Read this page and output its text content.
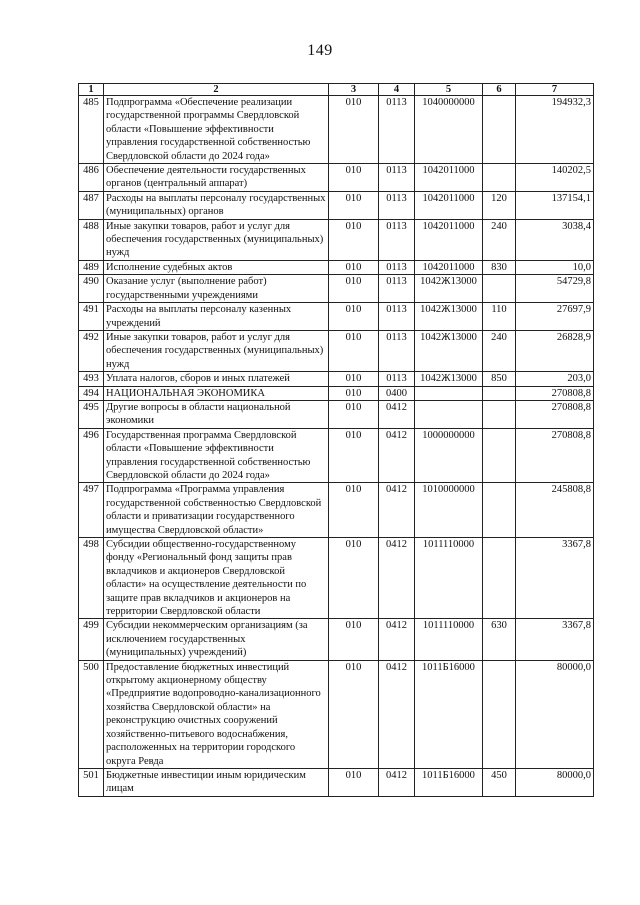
149
1	2	3	4	5	6	7
485	Подпрограмма «Обеспечение реализации государственной программы Свердловской области «Повышение эффективности управления государственной собственностью Свердловской области до 2024 года»	010	0113	1040000000		194932,3
486	Обеспечение деятельности государственных органов (центральный аппарат)	010	0113	1042011000		140202,5
487	Расходы на выплаты персоналу государственных (муниципальных) органов	010	0113	1042011000	120	137154,1
488	Иные закупки товаров, работ и услуг для обеспечения государственных (муниципальных) нужд	010	0113	1042011000	240	3038,4
489	Исполнение судебных актов	010	0113	1042011000	830	10,0
490	Оказание услуг (выполнение работ) государственными учреждениями	010	0113	1042Ж13000		54729,8
491	Расходы на выплаты персоналу казенных учреждений	010	0113	1042Ж13000	110	27697,9
492	Иные закупки товаров, работ и услуг для обеспечения государственных (муниципальных) нужд	010	0113	1042Ж13000	240	26828,9
493	Уплата налогов, сборов и иных платежей	010	0113	1042Ж13000	850	203,0
494	НАЦИОНАЛЬНАЯ ЭКОНОМИКА	010	0400			270808,8
495	Другие вопросы в области национальной экономики	010	0412			270808,8
496	Государственная программа Свердловской области «Повышение эффективности управления государственной собственностью Свердловской области до 2024 года»	010	0412	1000000000		270808,8
497	Подпрограмма «Программа управления государственной собственностью Свердловской области и приватизации государственного имущества Свердловской области»	010	0412	1010000000		245808,8
498	Субсидии общественно-государственному фонду «Региональный фонд защиты прав вкладчиков и акционеров Свердловской области» на осуществление деятельности по защите прав вкладчиков и акционеров на территории Свердловской области	010	0412	1011110000		3367,8
499	Субсидии некоммерческим организациям (за исключением государственных (муниципальных) учреждений)	010	0412	1011110000	630	3367,8
500	Предоставление бюджетных инвестиций открытому акционерному обществу «Предприятие водопроводно-канализационного хозяйства Свердловской области» на реконструкцию очистных сооружений хозяйственно-питьевого водоснабжения, расположенных на территории городского округа Ревда	010	0412	1011Б16000		80000,0
501	Бюджетные инвестиции иным юридическим лицам	010	0412	1011Б16000	450	80000,0
